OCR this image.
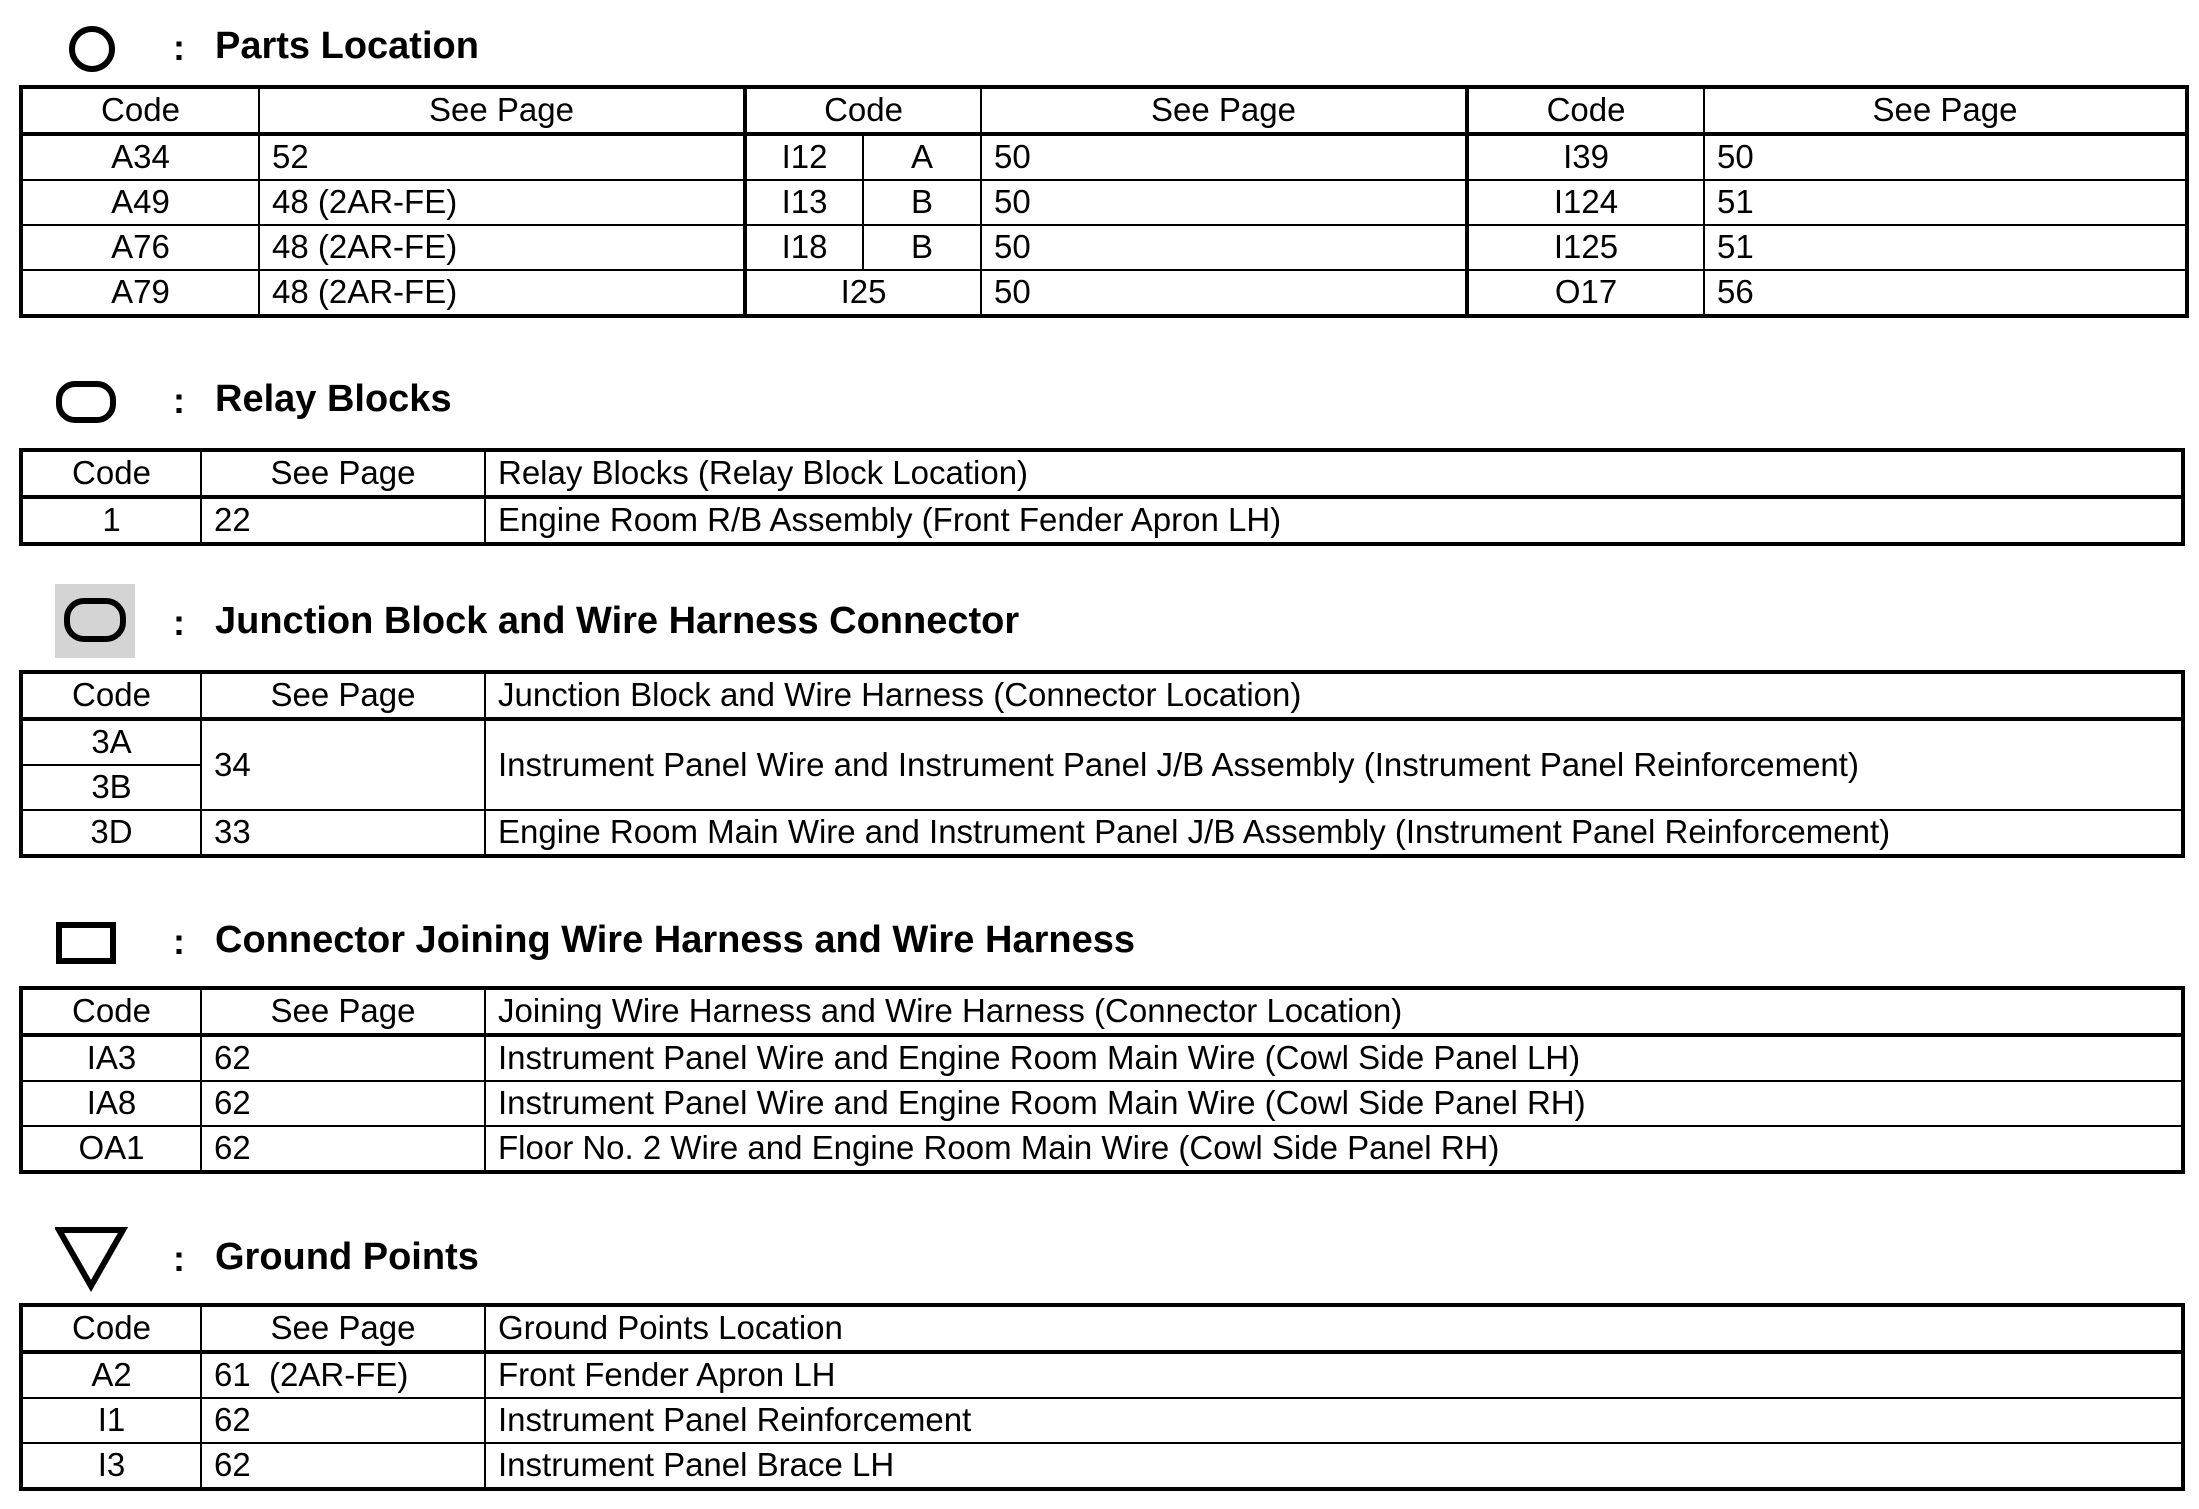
: Parts Location
Code	See Page	Code		See Page	Code	See Page
A34	52	I12	A	50	I39	50
A49	48 (2AR-FE)	I13	B	50	I124	51
A76	48 (2AR-FE)	I18	B	50	I125	51
A79	48 (2AR-FE)	I25		50	O17	56
: Relay Blocks
Code	See Page	Relay Blocks (Relay Block Location)
1	22	Engine Room R/B Assembly (Front Fender Apron LH)
: Junction Block and Wire Harness Connector
Code	See Page	Junction Block and Wire Harness (Connector Location)
3A	34	Instrument Panel Wire and Instrument Panel J/B Assembly (Instrument Panel Reinforcement)
3B		
3D	33	Engine Room Main Wire and Instrument Panel J/B Assembly (Instrument Panel Reinforcement)
: Connector Joining Wire Harness and Wire Harness
Code	See Page	Joining Wire Harness and Wire Harness (Connector Location)
IA3	62	Instrument Panel Wire and Engine Room Main Wire (Cowl Side Panel LH)
IA8	62	Instrument Panel Wire and Engine Room Main Wire (Cowl Side Panel RH)
OA1	62	Floor No. 2 Wire and Engine Room Main Wire (Cowl Side Panel RH)
: Ground Points
Code	See Page	Ground Points Location
A2	61  (2AR-FE)	Front Fender Apron LH
I1	62	Instrument Panel Reinforcement
I3	62	Instrument Panel Brace LH
